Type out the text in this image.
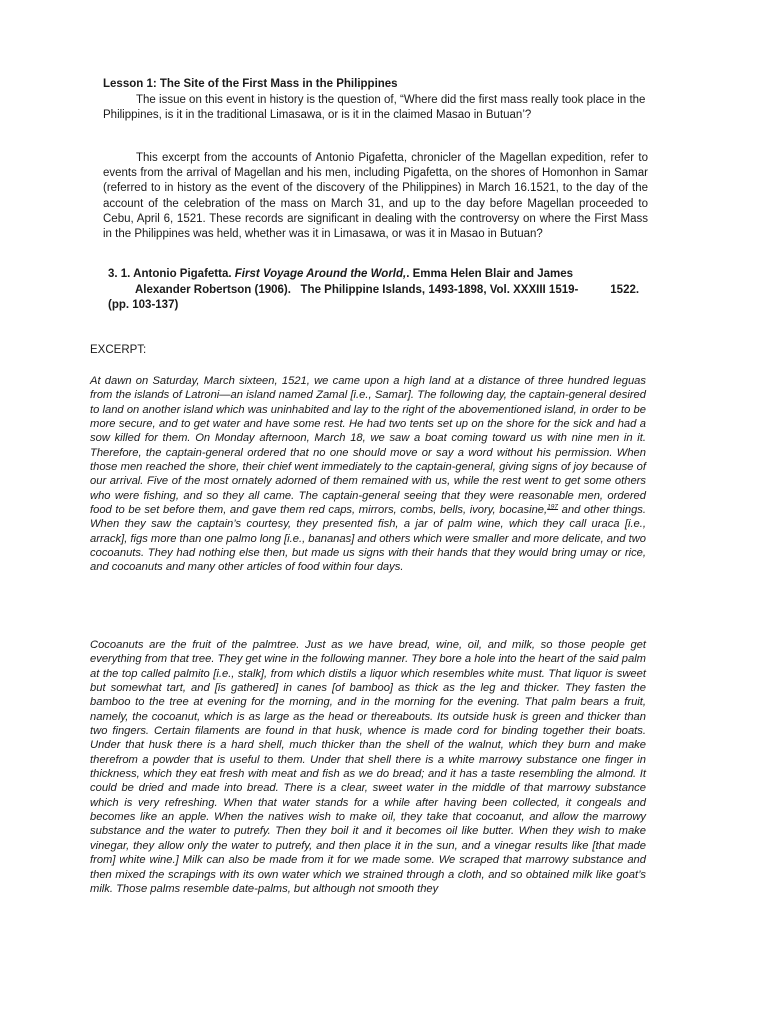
Lesson 1: The Site of the First Mass in the Philippines
The issue on this event in history is the question of, “Where did the first mass really took place in the Philippines, is it in the traditional Limasawa, or is it in the claimed Masao in Butuan’?
This excerpt from the accounts of Antonio Pigafetta, chronicler of the Magellan expedition, refer to events from the arrival of Magellan and his men, including Pigafetta, on the shores of Homonhon in Samar (referred to in history as the event of the discovery of the Philippines) in March 16.1521, to the day of the account of the celebration of the mass on March 31, and up to the day before Magellan proceeded to Cebu, April 6, 1521. These records are significant in dealing with the controversy on where the First Mass in the Philippines was held, whether was it in Limasawa, or was it in Masao in Butuan?
3. 1. Antonio Pigafetta. First Voyage Around the World,. Emma Helen Blair and James
Alexander Robertson (1906).   The Philippine Islands, 1493-1898, Vol. XXXIII 1519-          1522.
(pp. 103-137)
EXCERPT:
At dawn on Saturday, March sixteen, 1521, we came upon a high land at a distance of three hundred leguas from the islands of Latroni—an island named Zamal [i.e., Samar]. The following day, the captain-general desired to land on another island which was uninhabited and lay to the right of the abovementioned island, in order to be more secure, and to get water and have some rest. He had two tents set up on the shore for the sick and had a sow killed for them. On Monday afternoon, March 18, we saw a boat coming toward us with nine men in it. Therefore, the captain-general ordered that no one should move or say a word without his permission. When those men reached the shore, their chief went immediately to the captain-general, giving signs of joy because of our arrival. Five of the most ornately adorned of them remained with us, while the rest went to get some others who were fishing, and so they all came. The captain-general seeing that they were reasonable men, ordered food to be set before them, and gave them red caps, mirrors, combs, bells, ivory, bocasine,$^{197}$ and other things. When they saw the captain’s courtesy, they presented fish, a jar of palm wine, which they call uraca [i.e., arrack], figs more than one palmo long [i.e., bananas] and others which were smaller and more delicate, and two cocoanuts. They had nothing else then, but made us signs with their hands that they would bring umay or rice, and cocoanuts and many other articles of food within four days.
Cocoanuts are the fruit of the palmtree. Just as we have bread, wine, oil, and milk, so those people get everything from that tree. They get wine in the following manner. They bore a hole into the heart of the said palm at the top called palmito [i.e., stalk], from which distils a liquor which resembles white must. That liquor is sweet but somewhat tart, and [is gathered] in canes [of bamboo] as thick as the leg and thicker. They fasten the bamboo to the tree at evening for the morning, and in the morning for the evening. That palm bears a fruit, namely, the cocoanut, which is as large as the head or thereabouts. Its outside husk is green and thicker than two fingers. Certain filaments are found in that husk, whence is made cord for binding together their boats. Under that husk there is a hard shell, much thicker than the shell of the walnut, which they burn and make therefrom a powder that is useful to them. Under that shell there is a white marrowy substance one finger in thickness, which they eat fresh with meat and fish as we do bread; and it has a taste resembling the almond. It could be dried and made into bread. There is a clear, sweet water in the middle of that marrowy substance which is very refreshing. When that water stands for a while after having been collected, it congeals and becomes like an apple. When the natives wish to make oil, they take that cocoanut, and allow the marrowy substance and the water to putrefy. Then they boil it and it becomes oil like butter. When they wish to make vinegar, they allow only the water to putrefy, and then place it in the sun, and a vinegar results like [that made from] white wine.] Milk can also be made from it for we made some. We scraped that marrowy substance and then mixed the scrapings with its own water which we strained through a cloth, and so obtained milk like goat’s milk. Those palms resemble date-palms, but although not smooth they
